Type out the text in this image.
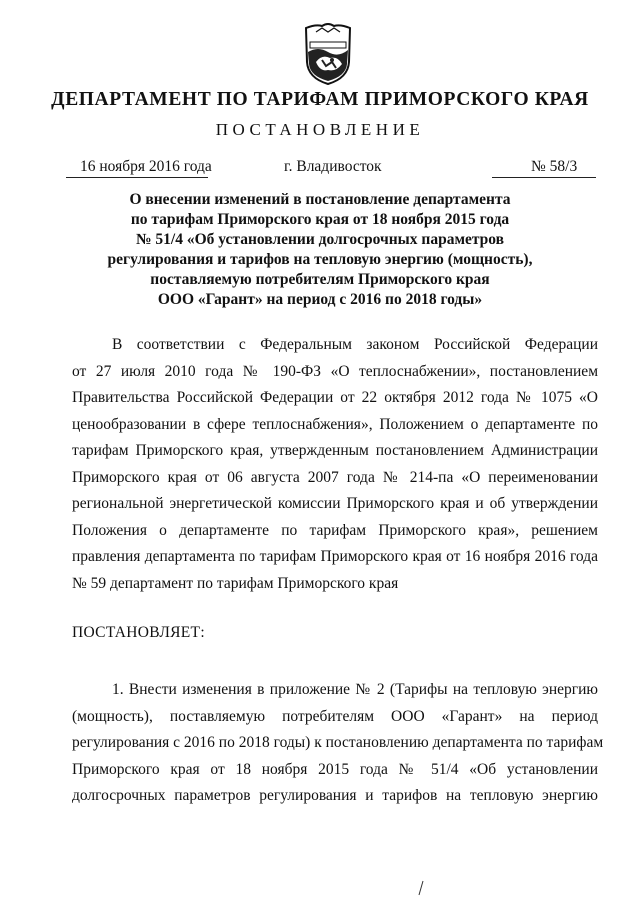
ДЕПАРТАМЕНТ ПО ТАРИФАМ ПРИМОРСКОГО КРАЯ
ПОСТАНОВЛЕНИЕ
16 ноября 2016 года	г. Владивосток	№ 58/3
О внесении изменений в постановление департамента
по тарифам Приморского края от 18 ноября 2015 года
№ 51/4 «Об установлении долгосрочных параметров
регулирования и тарифов на тепловую энергию (мощность),
поставляемую потребителям Приморского края
ООО «Гарант» на период с 2016 по 2018 годы»
В соответствии с Федеральным законом Российской Федерации
от 27 июля 2010 года № 190-ФЗ «О теплоснабжении», постановлением
Правительства Российской Федерации от 22 октября 2012 года № 1075 «О
ценообразовании в сфере теплоснабжения», Положением о департаменте по
тарифам Приморского края, утвержденным постановлением Администрации
Приморского края от 06 августа 2007 года № 214-па «О переименовании
региональной энергетической комиссии Приморского края и об утверждении
Положения о департаменте по тарифам Приморского края», решением
правления департамента по тарифам Приморского края от 16 ноября 2016 года
№ 59 департамент по тарифам Приморского края
ПОСТАНОВЛЯЕТ:
1. Внести изменения в приложение № 2 (Тарифы на тепловую энергию
(мощность), поставляемую потребителям ООО «Гарант» на период
регулирования с 2016 по 2018 годы) к постановлению департамента по тарифам
Приморского края от 18 ноября 2015 года № 51/4 «Об установлении
долгосрочных параметров регулирования и тарифов на тепловую энергию
